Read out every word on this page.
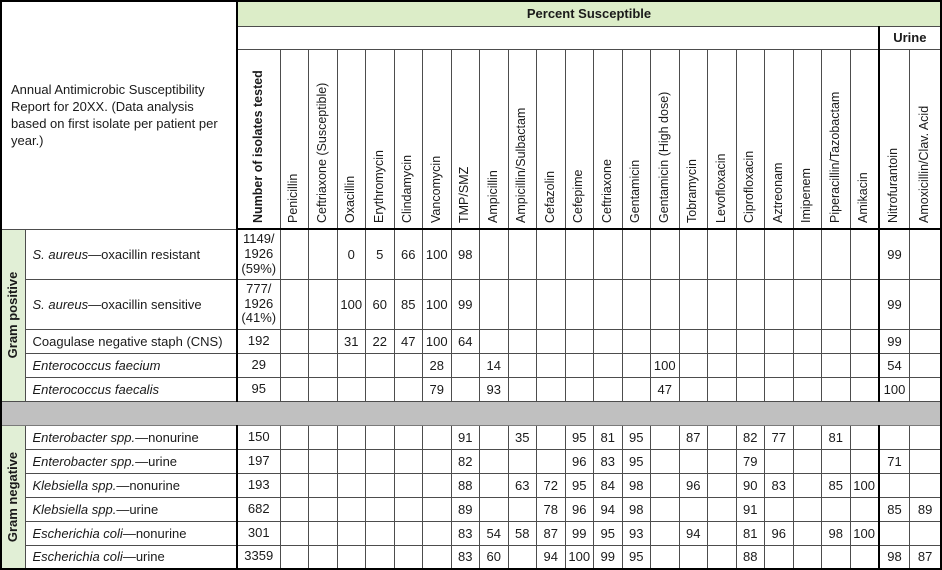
Annual Antimicrobic Susceptibility Report for 20XX. (Data analysis based on first isolate per patient per year.)		Percent Susceptible																							
																								Urine	

		Number of isolates tested	Penicillin	Ceftriaxone (Susceptible)	Oxacillin	Erythromycin	Clindamycin	Vancomycin	TMP/SMZ	Ampicillin	Ampicillin/Sulbactam	Cefazolin	Cefepime	Ceftriaxone	Gentamicin	Gentamicin (High dose)	Tobramycin	Levofloxacin	Ciprofloxacin	Aztreonam	Imipenem	Piperacillin/Tazobactam	Amikacin	Nitrofurantoin	Amoxicillin/Clav. Acid

Gram positive	S. aureus—oxacillin resistant	1149/ 1926 (59%)			0	5	66	100	98															99	
	S. aureus—oxacillin sensitive	777/ 1926 (41%)			100	60	85	100	99															99	
	Coagulase negative staph (CNS)	192			31	22	47	100	64															99	
	Enterococcus faecium	29						28		14						100								54	
	Enterococcus faecalis	95						79		93						47								100	

Gram negative	Enterobacter spp.—nonurine	150							91		35		95	81	95		87		82	77		81			
	Enterobacter spp.—urine	197							82				96	83	95				79					71	
	Klebsiella spp.—nonurine	193							88		63	72	95	84	98		96		90	83		85	100		
	Klebsiella spp.—urine	682							89			78	96	94	98				91					85	89
	Escherichia coli—nonurine	301							83	54	58	87	99	95	93		94		81	96		98	100		
	Escherichia coli—urine	3359							83	60		94	100	99	95				88					98	87
